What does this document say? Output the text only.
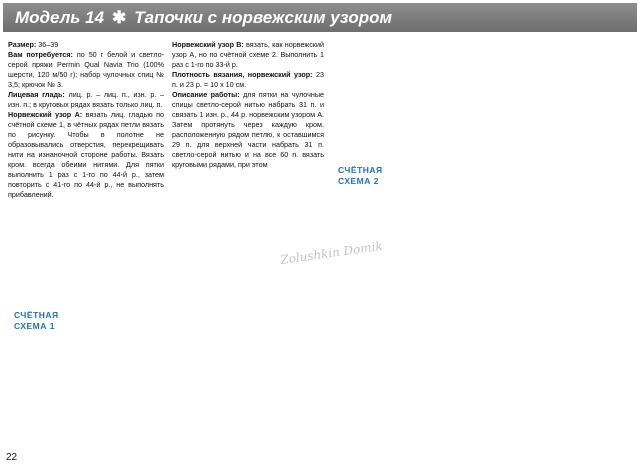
Модель 14 ✱ Тапочки с норвежским узором

Размер: 36–39

Вам потребуется: по 50 г белой и светло-серой пряжи Permin Qual Navia Trio (100% шерсти, 120 м/50 г); набор чулочных спиц № 3,5; крючок № 3.

Лицевая гладь: лиц. р. – лиц. п., изн. р. – изн. п.; в круговых рядах вязать только лиц. п.

Норвежский узор А: вязать лиц. гладью по счётной схеме 1, в чётных рядах петли вязать по рисунку. Чтобы в полотне не образовывались отверстия, перекрещивать нити на изнаночной стороне работы. Вязать кром. всегда обеими нитями. Для пятки выполнить 1 раз с 1-го по 44-й р., затем повторить с 41-го по 44-й р., не выполнять прибавлений.

Норвежский узор В: вязать, как норвежский узор А, но по счётной схеме 2. Выполнить 1 раз с 1-го по 33-й р.

Плотность вязания, норвежский узор: 23 п. и 23 р. = 10 х 10 см.

Описание работы: для пятки на чулочные спицы светло-серой нитью набрать 31 п. и связать 1 изн. р., 44 р. норвежским узором А. Затем протянуть через каждую кром. расположенную рядом петлю, к оставшимся 29 п. для верхней части набрать 31 п. светло-серой нитью и на все 60 п. вязать круговыми рядами, при этом

СЧЁТНАЯ
СХЕМА 1
СЧЁТНАЯ
СХЕМА 2
Zolushkin Domik
22
